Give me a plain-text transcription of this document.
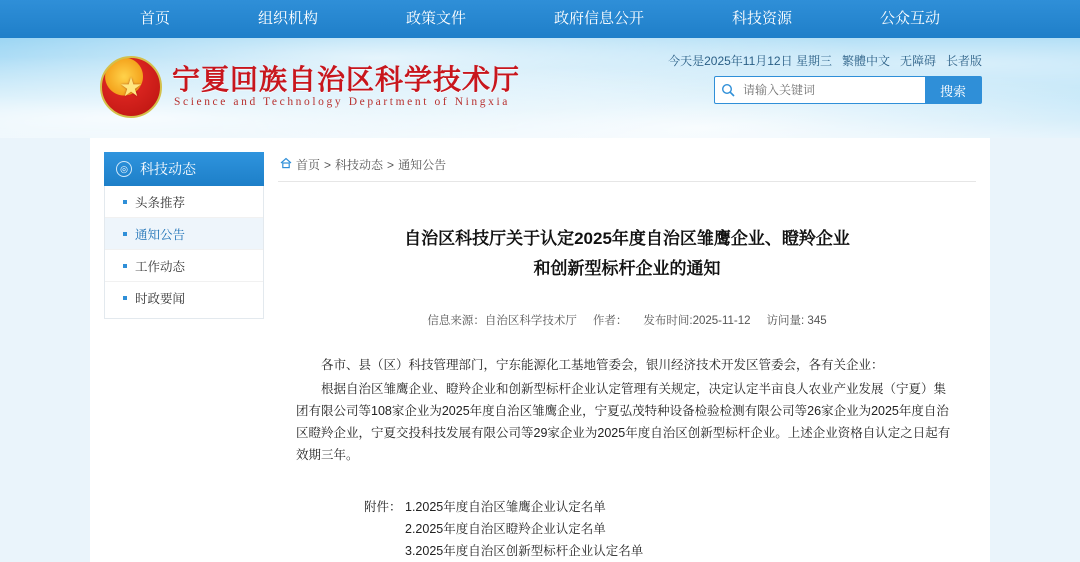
首页	组织机构	政策文件	政府信息公开	科技资源	公众互动
★ 宁夏回族自治区科学技术厅
Science and Technology Department of Ningxia
今天是2025年11月12日 星期三 繁體中文 无障碍 长者版
请输入关键词
搜索
◎ 科技动态
头条推荐
通知公告
工作动态
时政要闻
首页 > 科技动态 > 通知公告
自治区科技厅关于认定2025年度自治区雏鹰企业、瞪羚企业
和创新型标杆企业的通知
信息来源：自治区科学技术厅 作者： 发布时间:2025-11-12 访问量: 345

各市、县（区）科技管理部门，宁东能源化工基地管委会，银川经济技术开发区管委会，各有关企业：

根据自治区雏鹰企业、瞪羚企业和创新型标杆企业认定管理有关规定，决定认定半亩良人农业产业发展（宁夏）集团有限公司等108家企业为2025年度自治区雏鹰企业，宁夏弘茂特种设备检验检测有限公司等26家企业为2025年度自治区瞪羚企业，宁夏交投科技发展有限公司等29家企业为2025年度自治区创新型标杆企业。上述企业资格自认定之日起有效期三年。

附件： 1.2025年度自治区雏鹰企业认定名单
2.2025年度自治区瞪羚企业认定名单
3.2025年度自治区创新型标杆企业认定名单
